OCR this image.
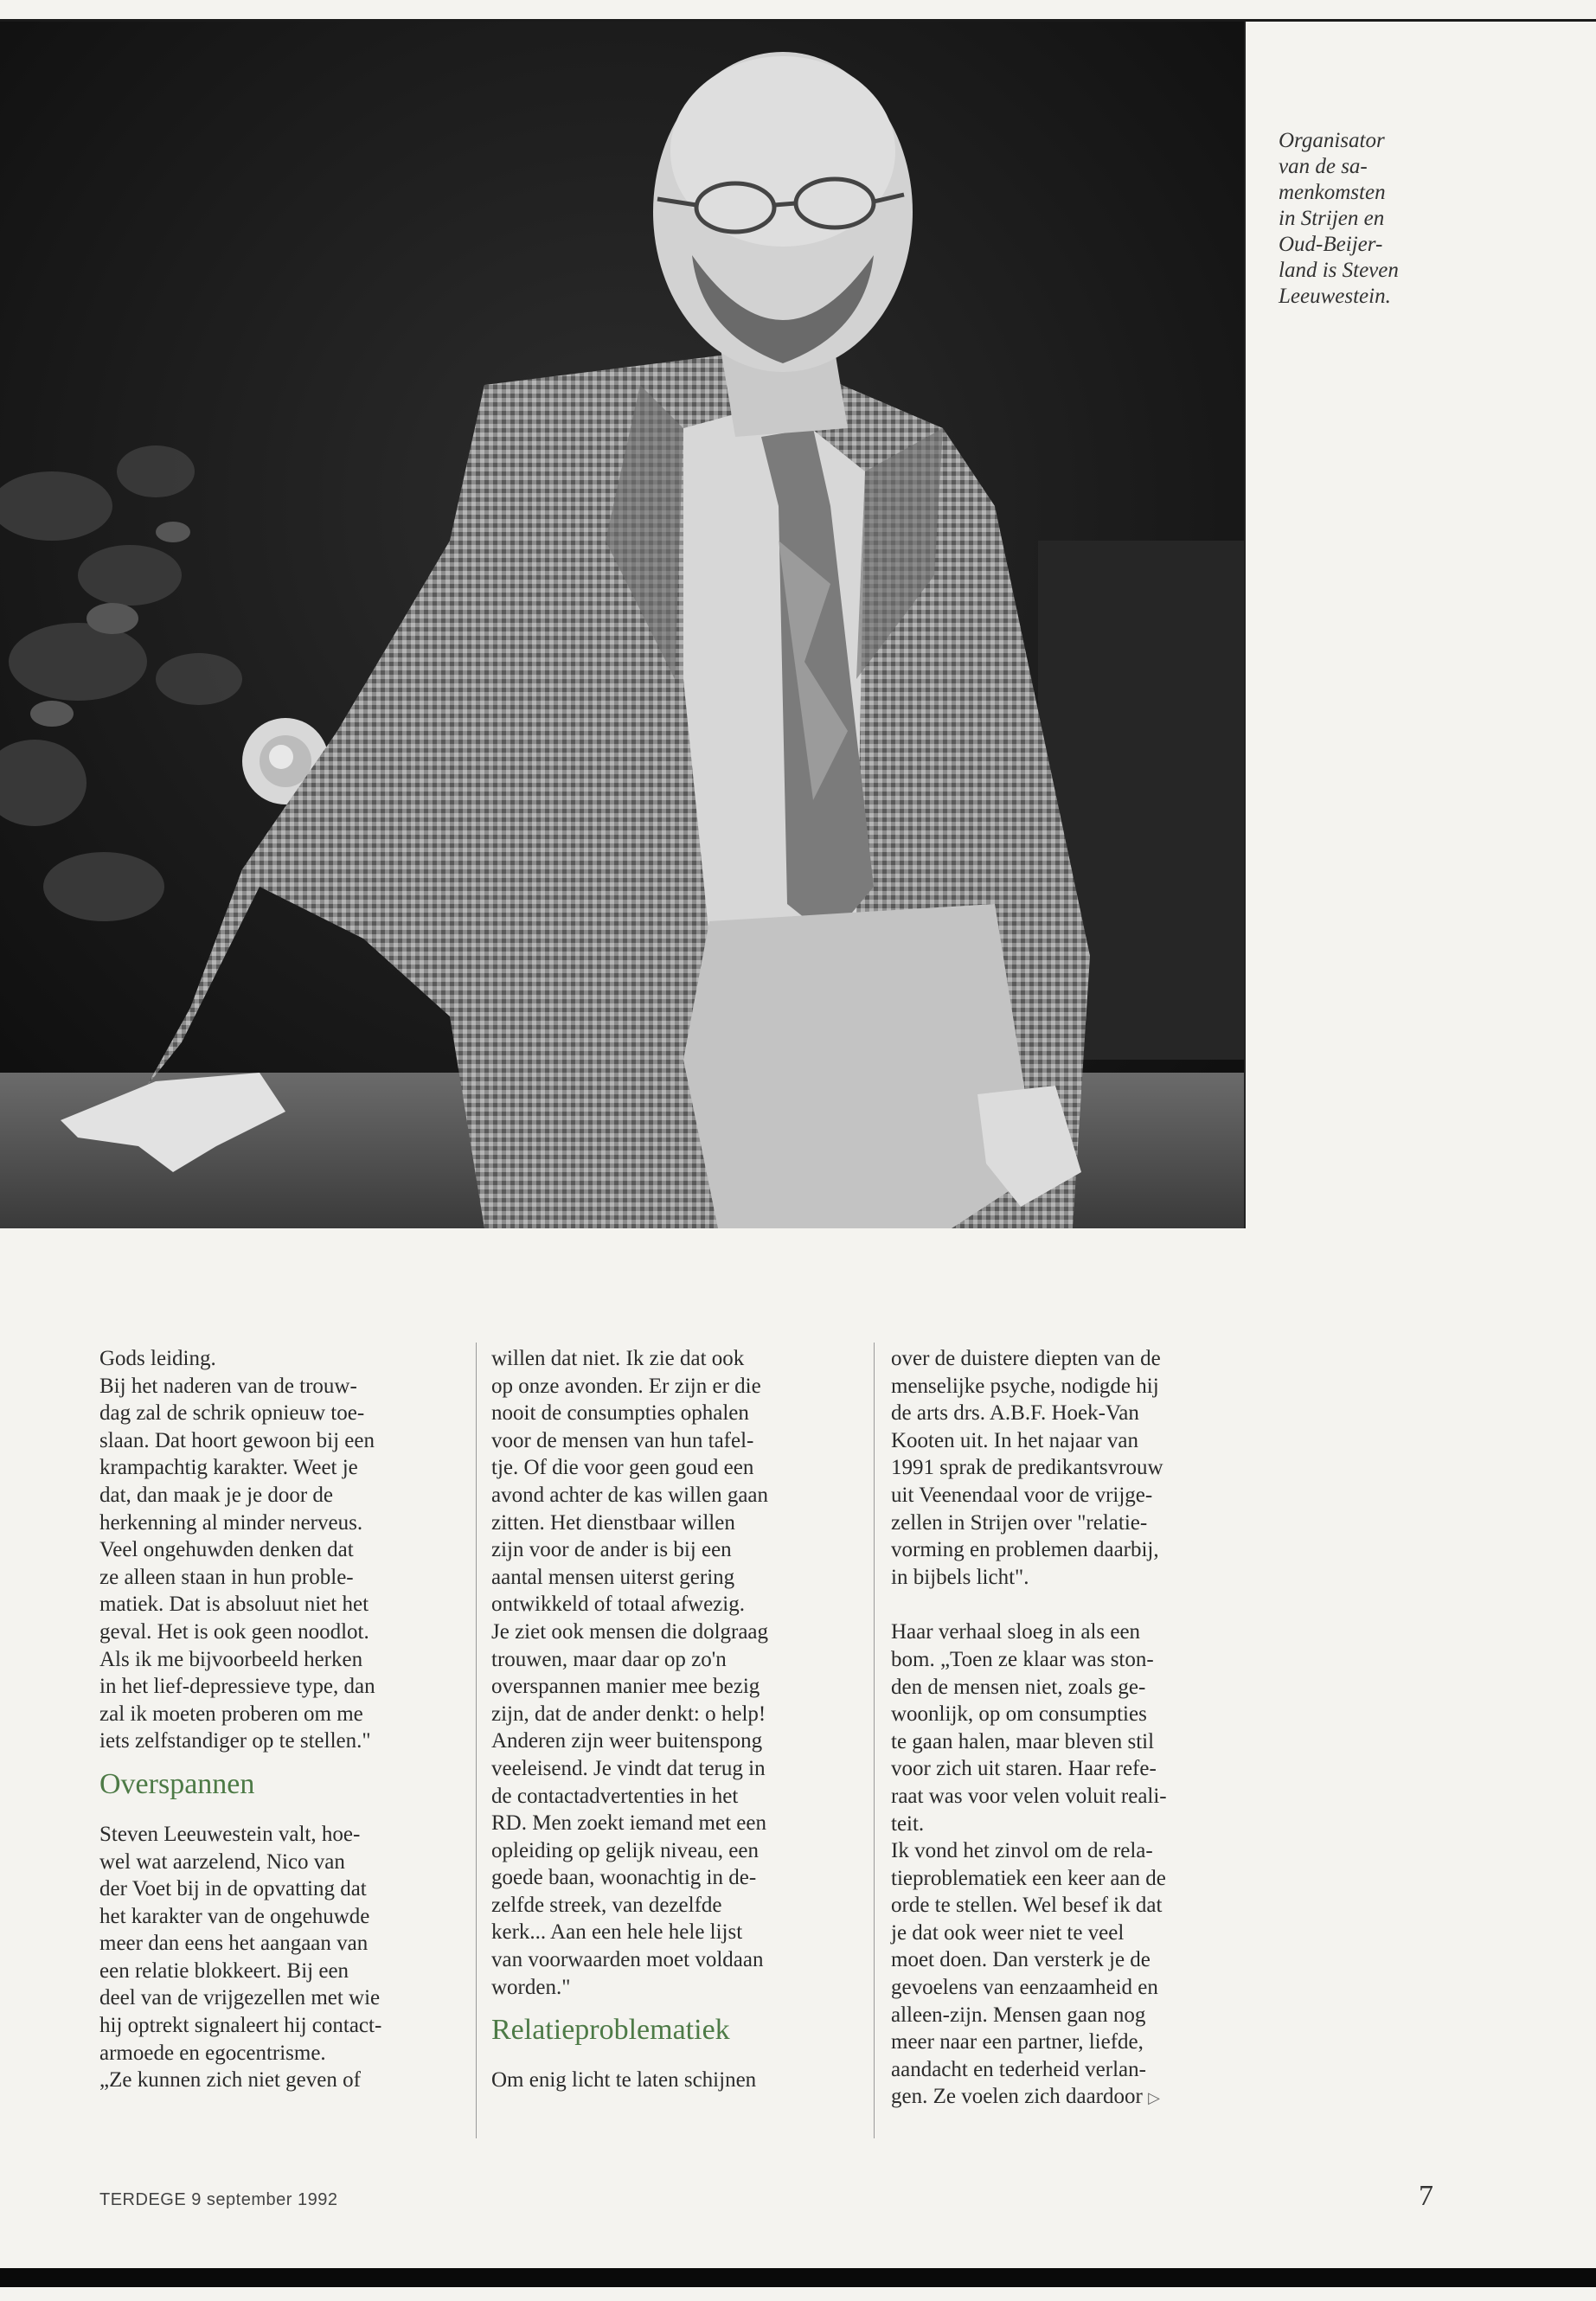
Organisator
van de sa-
menkomsten
in Strijen en
Oud-Beijer-
land is Steven
Leeuwestein.

Gods leiding.
Bij het naderen van de trouw-
dag zal de schrik opnieuw toe-
slaan. Dat hoort gewoon bij een
krampachtig karakter. Weet je
dat, dan maak je je door de
herkenning al minder nerveus.
Veel ongehuwden denken dat
ze alleen staan in hun proble-
matiek. Dat is absoluut niet het
geval. Het is ook geen noodlot.
Als ik me bijvoorbeeld herken
in het lief-depressieve type, dan
zal ik moeten proberen om me
iets zelfstandiger op te stellen."

Overspannen

Steven Leeuwestein valt, hoe-
wel wat aarzelend, Nico van
der Voet bij in de opvatting dat
het karakter van de ongehuwde
meer dan eens het aangaan van
een relatie blokkeert. Bij een
deel van de vrijgezellen met wie
hij optrekt signaleert hij contact-
armoede en egocentrisme.
„Ze kunnen zich niet geven of

willen dat niet. Ik zie dat ook
op onze avonden. Er zijn er die
nooit de consumpties ophalen
voor de mensen van hun tafel-
tje. Of die voor geen goud een
avond achter de kas willen gaan
zitten. Het dienstbaar willen
zijn voor de ander is bij een
aantal mensen uiterst gering
ontwikkeld of totaal afwezig.
Je ziet ook mensen die dolgraag
trouwen, maar daar op zo'n
overspannen manier mee bezig
zijn, dat de ander denkt: o help!
Anderen zijn weer buitenspong
veeleisend. Je vindt dat terug in
de contactadvertenties in het
RD. Men zoekt iemand met een
opleiding op gelijk niveau, een
goede baan, woonachtig in de-
zelfde streek, van dezelfde
kerk... Aan een hele hele lijst
van voorwaarden moet voldaan
worden."

Relatieproblematiek

Om enig licht te laten schijnen

over de duistere diepten van de
menselijke psyche, nodigde hij
de arts drs. A.B.F. Hoek-Van
Kooten uit. In het najaar van
1991 sprak de predikantsvrouw
uit Veenendaal voor de vrijge-
zellen in Strijen over "relatie-
vorming en problemen daarbij,
in bijbels licht".

Haar verhaal sloeg in als een
bom. „Toen ze klaar was ston-
den de mensen niet, zoals ge-
woonlijk, op om consumpties
te gaan halen, maar bleven stil
voor zich uit staren. Haar refe-
raat was voor velen voluit reali-
teit.
Ik vond het zinvol om de rela-
tieproblematiek een keer aan de
orde te stellen. Wel besef ik dat
je dat ook weer niet te veel
moet doen. Dan versterk je de
gevoelens van eenzaamheid en
alleen-zijn. Mensen gaan nog
meer naar een partner, liefde,
aandacht en tederheid verlan-
gen. Ze voelen zich daardoor ▷

TERDEGE 9 september 1992	7
